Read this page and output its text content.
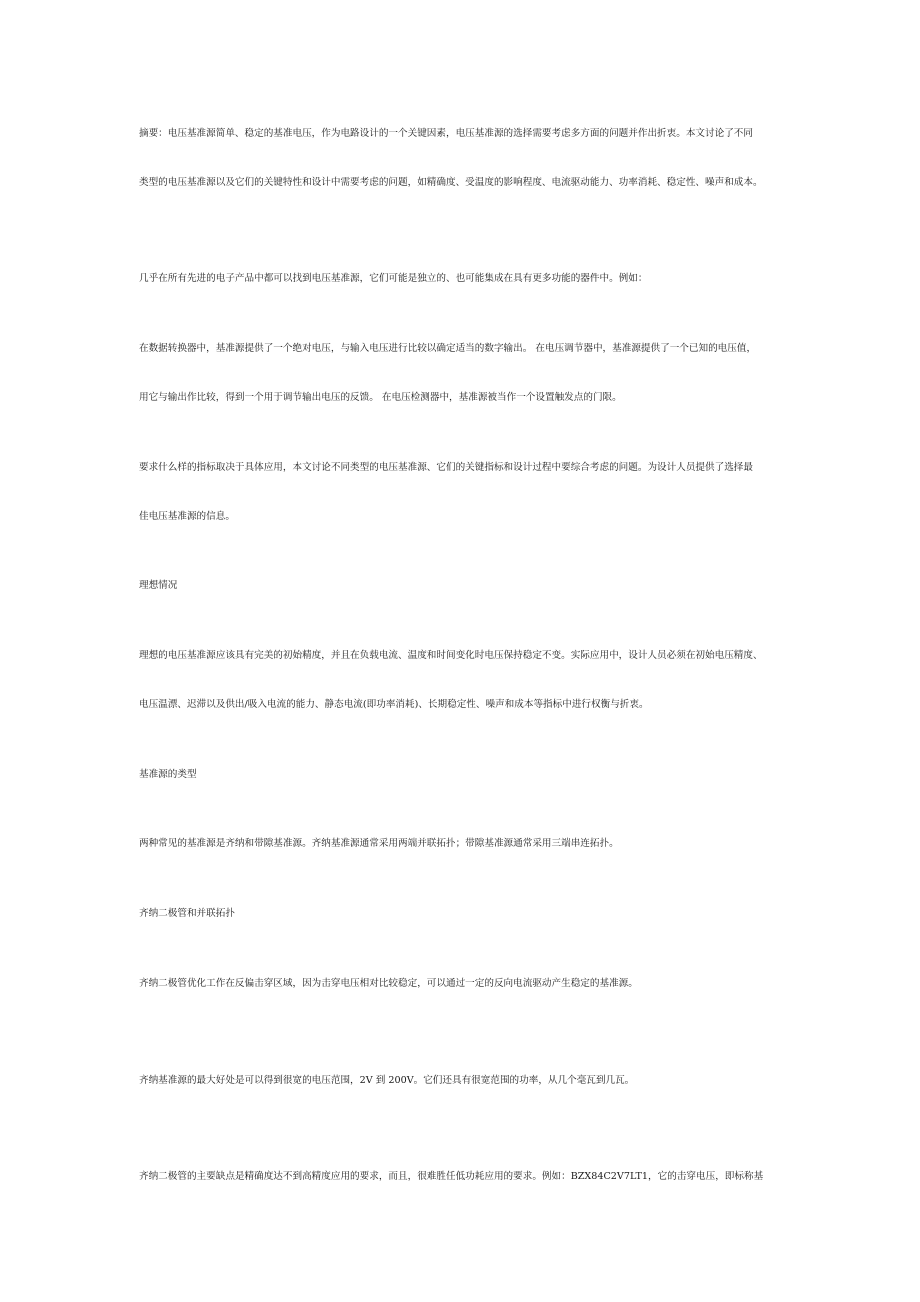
摘要：电压基准源简单、稳定的基准电压，作为电路设计的一个关键因素，电压基准源的选择需要考虑多方面的问题并作出折衷。本文讨论了不同
类型的电压基准源以及它们的关键特性和设计中需要考虑的问题，如精确度、受温度的影响程度、电流驱动能力、功率消耗、稳定性、噪声和成本。
几乎在所有先进的电子产品中都可以找到电压基准源，它们可能是独立的、也可能集成在具有更多功能的器件中。例如：
在数据转换器中，基准源提供了一个绝对电压，与输入电压进行比较以确定适当的数字输出。 在电压调节器中，基准源提供了一个已知的电压值，
用它与输出作比较，得到一个用于调节输出电压的反馈。 在电压检测器中，基准源被当作一个设置触发点的门限。
要求什么样的指标取决于具体应用，本文讨论不同类型的电压基准源、它们的关键指标和设计过程中要综合考虑的问题。为设计人员提供了选择最
佳电压基准源的信息。
理想情况
理想的电压基准源应该具有完美的初始精度，并且在负载电流、温度和时间变化时电压保持稳定不变。实际应用中，设计人员必须在初始电压精度、
电压温漂、迟滞以及供出/吸入电流的能力、静态电流(即功率消耗)、长期稳定性、噪声和成本等指标中进行权衡与折衷。
基准源的类型
两种常见的基准源是齐纳和带隙基准源。齐纳基准源通常采用两端并联拓扑；带隙基准源通常采用三端串连拓扑。
齐纳二极管和并联拓扑
齐纳二极管优化工作在反偏击穿区域，因为击穿电压相对比较稳定，可以通过一定的反向电流驱动产生稳定的基准源。
齐纳基准源的最大好处是可以得到很宽的电压范围，2V 到 200V。它们还具有很宽范围的功率，从几个毫瓦到几瓦。
齐纳二极管的主要缺点是精确度达不到高精度应用的要求，而且，很难胜任低功耗应用的要求。例如：BZX84C2V7LT1，它的击穿电压，即标称基
